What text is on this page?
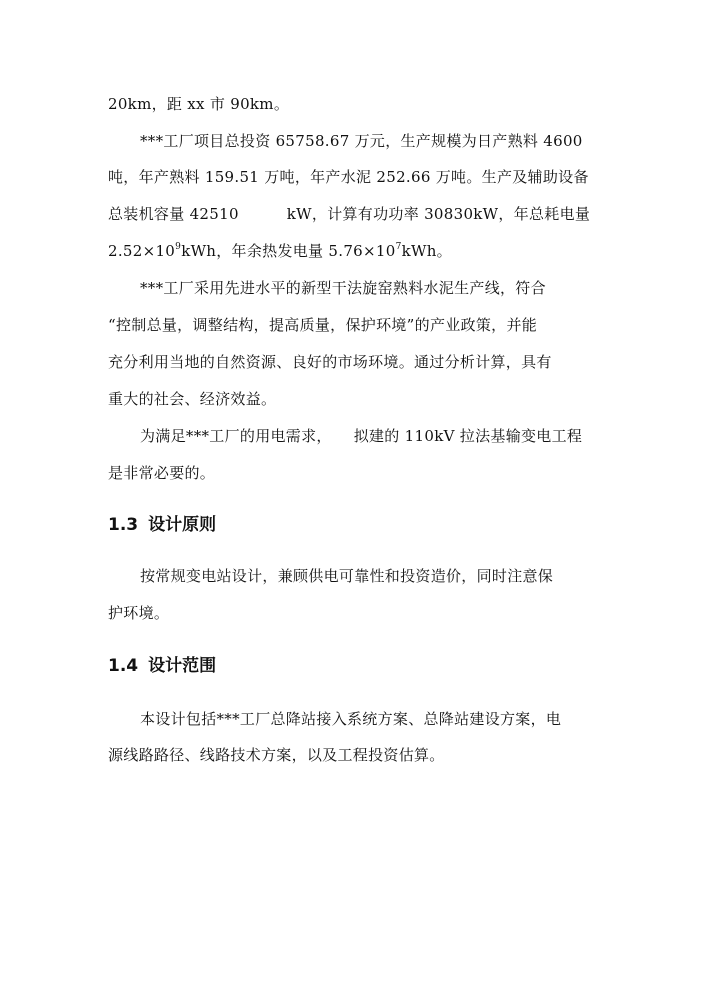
20km，距 xx 市 90km。
***工厂项目总投资 65758.67 万元，生产规模为日产熟料 4600
吨，年产熟料 159.51 万吨，年产水泥 252.66 万吨。生产及辅助设备
总装机容量 42510	kW，计算有功功率 30830kW，年总耗电量
$2.52\times 10^9kWh$，年余热发电量 $5.76\times 10^7kWh$。
***工厂采用先进水平的新型干法旋窑熟料水泥生产线，符合
“控制总量，调整结构，提高质量，保护环境”的产业政策，并能
充分利用当地的自然资源、良好的市场环境。通过分析计算，具有
重大的社会、经济效益。
为满足***工厂的用电需求， 拟建的 110kV 拉法基输变电工程
是非常必要的。
1.3 设计原则
按常规变电站设计，兼顾供电可靠性和投资造价，同时注意保
护环境。
1.4 设计范围
本设计包括***工厂总降站接入系统方案、总降站建设方案，电
源线路路径、线路技术方案，以及工程投资估算。
